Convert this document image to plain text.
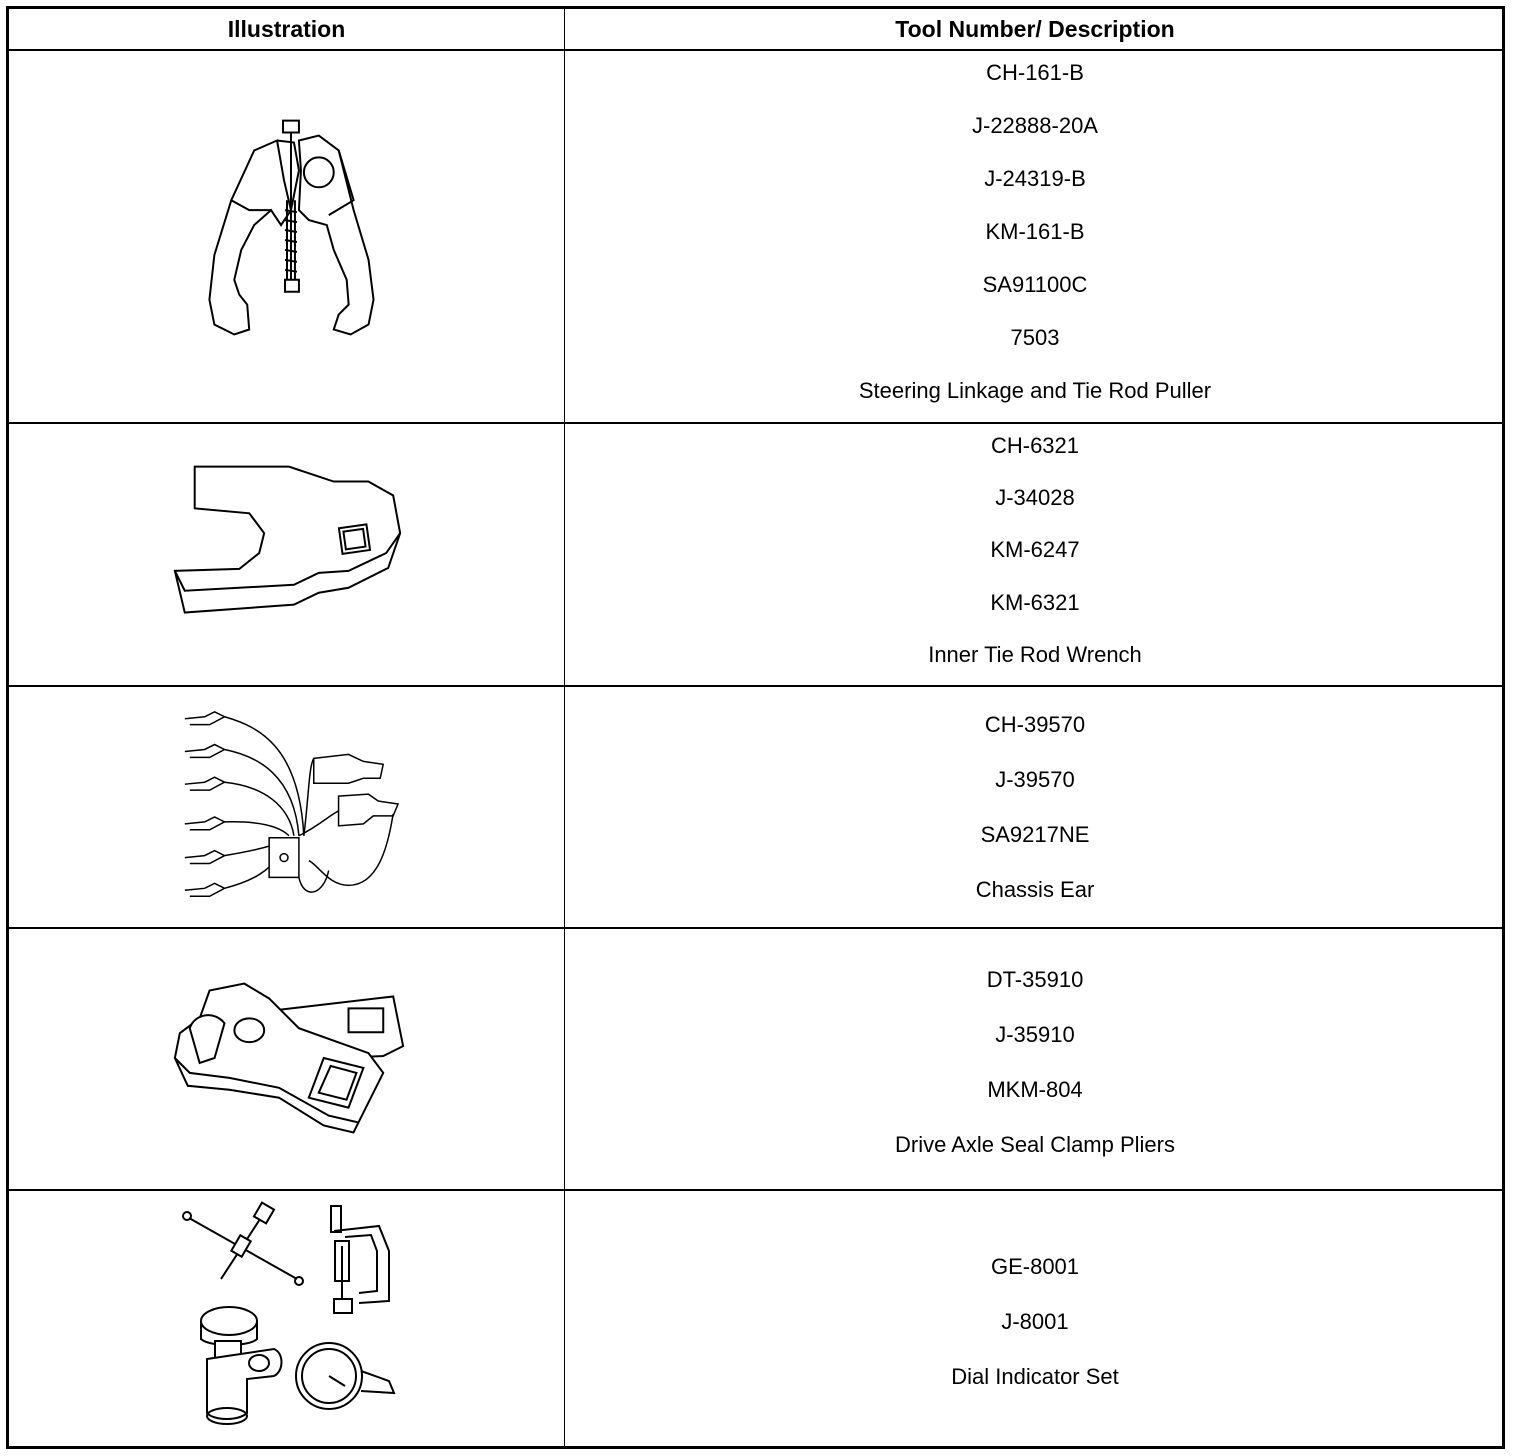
Illustration	Tool Number/ Description
CH-161-B
J-22888-20A
J-24319-B
KM-161-B
SA91100C
7503
Steering Linkage and Tie Rod Puller
CH-6321
J-34028
KM-6247
KM-6321
Inner Tie Rod Wrench
CH-39570
J-39570
SA9217NE
Chassis Ear
DT-35910
J-35910
MKM-804
Drive Axle Seal Clamp Pliers
GE-8001
J-8001
Dial Indicator Set
